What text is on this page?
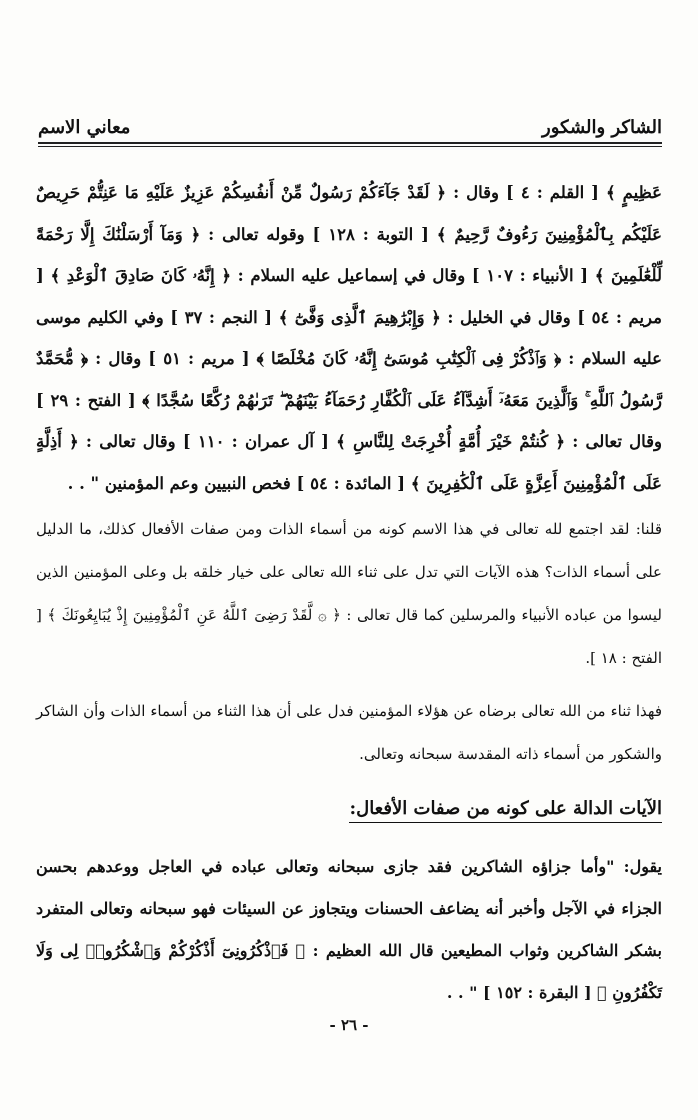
الشاكر والشكور
معاني الاسم

عَظِيمٍ ﴾ [ القلم : ٤ ] وقال : ﴿ لَقَدْ جَآءَكُمْ رَسُولٌ مِّنْ أَنفُسِكُمْ عَزِيزٌ عَلَيْهِ مَا عَنِتُّمْ حَرِيصٌ عَلَيْكُم بِٱلْمُؤْمِنِينَ رَءُوفٌ رَّحِيمٌ ﴾ [ التوبة : ١٢٨ ] وقوله تعالى : ﴿ وَمَآ أَرْسَلْنَٰكَ إِلَّا رَحْمَةً لِّلْعَٰلَمِينَ ﴾ [ الأنبياء : ١٠٧ ] وقال في إسماعيل عليه السلام : ﴿ إِنَّهُۥ كَانَ صَادِقَ ٱلْوَعْدِ ﴾ [ مريم : ٥٤ ] وقال في الخليل : ﴿ وَإِبْرَٰهِيمَ ٱلَّذِى وَفَّىٰٓ ﴾ [ النجم : ٣٧ ] وفي الكليم موسى عليه السلام : ﴿ وَٱذْكُرْ فِى ٱلْكِتَٰبِ مُوسَىٰٓ إِنَّهُۥ كَانَ مُخْلَصًا ﴾ [ مريم : ٥١ ] وقال : ﴿ مُّحَمَّدٌ رَّسُولُ ٱللَّهِ ۚ وَٱلَّذِينَ مَعَهُۥٓ أَشِدَّآءُ عَلَى ٱلْكُفَّارِ رُحَمَآءُ بَيْنَهُمْ ۖ تَرَىٰهُمْ رُكَّعًا سُجَّدًا ﴾ [ الفتح : ٢٩ ] وقال تعالى : ﴿ كُنتُمْ خَيْرَ أُمَّةٍ أُخْرِجَتْ لِلنَّاسِ ﴾ [ آل عمران : ١١٠ ] وقال تعالى : ﴿ أَذِلَّةٍ عَلَى ٱلْمُؤْمِنِينَ أَعِزَّةٍ عَلَى ٱلْكَٰفِرِينَ ﴾ [ المائدة : ٥٤ ] فخص النبيين وعم المؤمنين " . .

قلنا: لقد اجتمع لله تعالى في هذا الاسم كونه من أسماء الذات ومن صفات الأفعال كذلك، ما الدليل على أسماء الذات؟ هذه الآيات التي تدل على ثناء الله تعالى على خيار خلقه بل وعلى المؤمنين الذين ليسوا من عباده الأنبياء والمرسلين كما قال تعالى : ﴿ ۞ لَّقَدْ رَضِىَ ٱللَّهُ عَنِ ٱلْمُؤْمِنِينَ إِذْ يُبَايِعُونَكَ ﴾ [ الفتح : ١٨ ].

فهذا ثناء من الله تعالى برضاه عن هؤلاء المؤمنين فدل على أن هذا الثناء من أسماء الذات وأن الشاكر والشكور من أسماء ذاته المقدسة سبحانه وتعالى.

الآيات الدالة على كونه من صفات الأفعال:

يقول: "وأما جزاؤه الشاكرين فقد جازى سبحانه وتعالى عباده في العاجل ووعدهم بحسن الجزاء في الآجل وأخبر أنه يضاعف الحسنات ويتجاوز عن السيئات فهو سبحانه وتعالى المتفرد بشكر الشاكرين وثواب المطيعين قال الله العظيم : ﴿ فَٱذْكُرُونِىٓ أَذْكُرْكُمْ وَٱشْكُرُوا۟ لِى وَلَا تَكْفُرُونِ ﴾ [ البقرة : ١٥٢ ] " . .

- ٢٦ -
